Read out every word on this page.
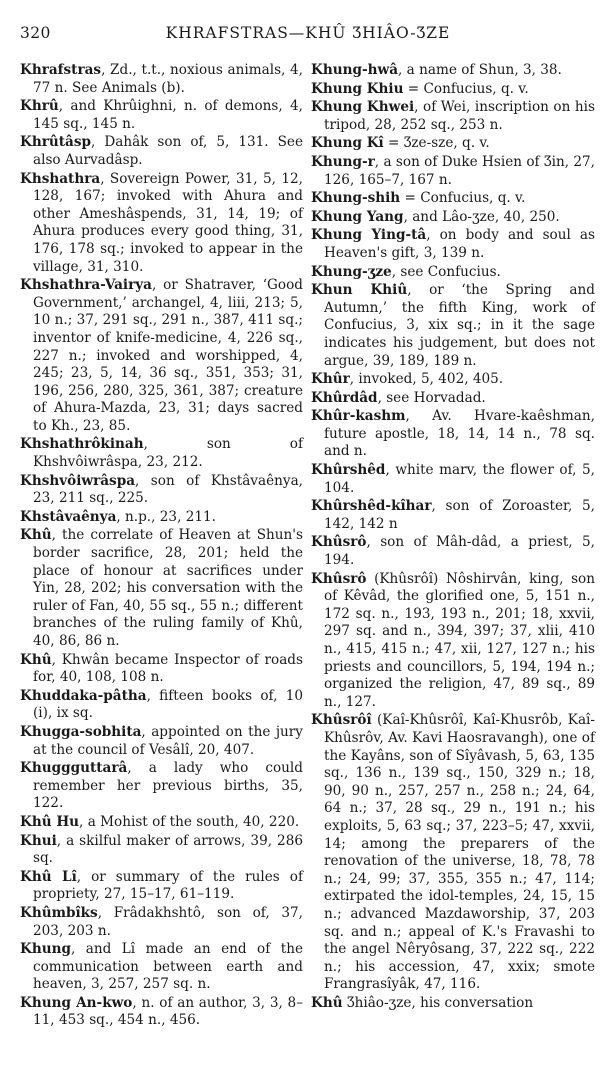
320	KHRAFSTRAS—KHÛ ӠHIÂO-ӠZE

Khrafstras, Zd., t.t., noxious animals, 4, 77 n. See Animals (b).

Khrû, and Khrûighni, n. of demons, 4, 145 sq., 145 n.

Khrûtâsp, Dahâk son of, 5, 131. See also Aurvadâsp.

Khshathra, Sovereign Power, 31, 5, 12, 128, 167; invoked with Ahura and other Ameshâspends, 31, 14, 19; of Ahura produces every good thing, 31, 176, 178 sq.; invoked to appear in the village, 31, 310.

Khshathra-Vairya, or Shatraver, ‘Good Government,’ archangel, 4, liii, 213; 5, 10 n.; 37, 291 sq., 291 n., 387, 411 sq.; inventor of knife-medicine, 4, 226 sq., 227 n.; invoked and worshipped, 4, 245; 23, 5, 14, 36 sq., 351, 353; 31, 196, 256, 280, 325, 361, 387; creature of Ahura-Mazda, 23, 31; days sacred to Kh., 23, 85.

Khshathrôkinah, son of Khshvôiwrâspa, 23, 212.

Khshvôiwrâspa, son of Khstâvaênya, 23, 211 sq., 225.

Khstâvaênya, n.p., 23, 211.

Khû, the correlate of Heaven at Shun's border sacrifice, 28, 201; held the place of honour at sacrifices under Yin, 28, 202; his conversation with the ruler of Fan, 40, 55 sq., 55 n.; different branches of the ruling family of Khû, 40, 86, 86 n.

Khû, Khwân became Inspector of roads for, 40, 108, 108 n.

Khuddaka-pâtha, fifteen books of, 10 (i), ix sq.

Khugga-sobhita, appointed on the jury at the council of Vesâlî, 20, 407.

Khuggguttarâ, a lady who could remember her previous births, 35, 122.

Khû Hu, a Mohist of the south, 40, 220.

Khui, a skilful maker of arrows, 39, 286 sq.

Khû Lî, or summary of the rules of propriety, 27, 15–17, 61–119.

Khûmbîks, Frâdakhshtô, son of, 37, 203, 203 n.

Khung, and Lî made an end of the communication between earth and heaven, 3, 257, 257 sq. n.

Khung An-kwo, n. of an author, 3, 3, 8–11, 453 sq., 454 n., 456.

Khung-hwâ, a name of Shun, 3, 38.

Khung Khiu = Confucius, q. v.

Khung Khwei, of Wei, inscription on his tripod, 28, 252 sq., 253 n.

Khung Kî = Ӡze-sze, q. v.

Khung-r, a son of Duke Hsien of Ӡin, 27, 126, 165–7, 167 n.

Khung-shih = Confucius, q. v.

Khung Yang, and Lâo-ӡze, 40, 250.

Khung Ying-tâ, on body and soul as Heaven's gift, 3, 139 n.

Khung-ӡze, see Confucius.

Khun Khiû, or ‘the Spring and Autumn,’ the fifth King, work of Confucius, 3, xix sq.; in it the sage indicates his judgement, but does not argue, 39, 189, 189 n.

Khûr, invoked, 5, 402, 405.

Khûrdâd, see Horvadad.

Khûr-kashm, Av. Hvare-kaêshman, future apostle, 18, 14, 14 n., 78 sq. and n.

Khûrshêd, white marv, the flower of, 5, 104.

Khûrshêd-kîhar, son of Zoroaster, 5, 142, 142 n

Khûsrô, son of Mâh-dâd, a priest, 5, 194.

Khûsrô (Khûsrôî) Nôshirvân, king, son of Kêvâd, the glorified one, 5, 151 n., 172 sq. n., 193, 193 n., 201; 18, xxvii, 297 sq. and n., 394, 397; 37, xlii, 410 n., 415, 415 n.; 47, xii, 127, 127 n.; his priests and councillors, 5, 194, 194 n.; organized the religion, 47, 89 sq., 89 n., 127.

Khûsrôî (Kaî-Khûsrôî, Kaî-Khusrôb, Kaî-Khûsrôv, Av. Kavi Haosravangh), one of the Kayâns, son of Sîyâvash, 5, 63, 135 sq., 136 n., 139 sq., 150, 329 n.; 18, 90, 90 n., 257, 257 n., 258 n.; 24, 64, 64 n.; 37, 28 sq., 29 n., 191 n.; his exploits, 5, 63 sq.; 37, 223–5; 47, xxvii, 14; among the preparers of the renovation of the universe, 18, 78, 78 n.; 24, 99; 37, 355, 355 n.; 47, 114; extirpated the idol-temples, 24, 15, 15 n.; advanced Mazdaworship, 37, 203 sq. and n.; appeal of K.'s Fravashi to the angel Nêryôsang, 37, 222 sq., 222 n.; his accession, 47, xxix; smote Frangrasîyâk, 47, 116.

Khû Ӡhiâo-ӡze, his conversation
